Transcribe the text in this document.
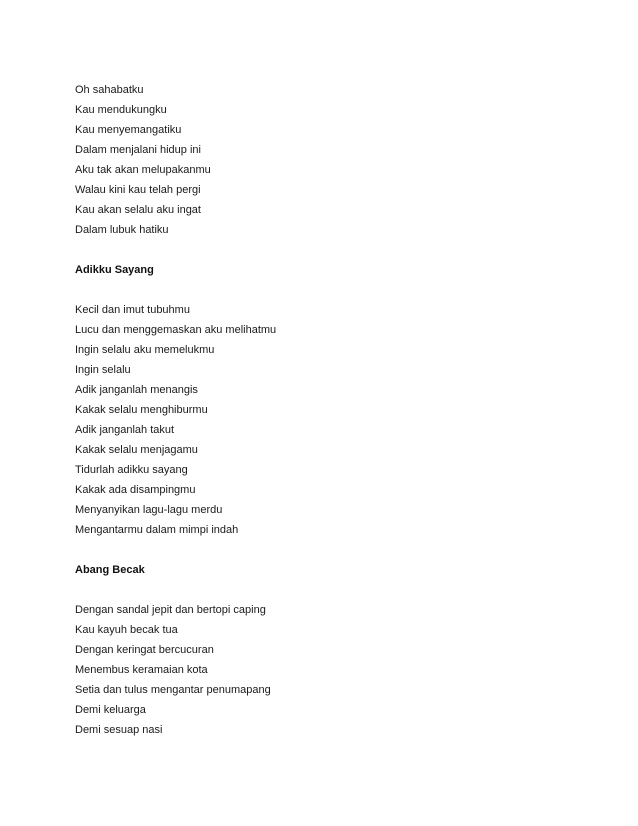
Oh sahabatku
Kau mendukungku
Kau menyemangatiku
Dalam menjalani hidup ini
Aku tak akan melupakanmu
Walau kini kau telah pergi
Kau akan selalu aku ingat
Dalam lubuk hatiku
Adikku Sayang
Kecil dan imut tubuhmu
Lucu dan menggemaskan aku melihatmu
Ingin selalu aku memelukmu
Ingin selalu
Adik janganlah menangis
Kakak selalu menghiburmu
Adik janganlah takut
Kakak selalu menjagamu
Tidurlah adikku sayang
Kakak ada disampingmu
Menyanyikan lagu-lagu merdu
Mengantarmu dalam mimpi indah
Abang Becak
Dengan sandal jepit dan bertopi caping
Kau kayuh becak tua
Dengan keringat bercucuran
Menembus keramaian kota
Setia dan tulus mengantar penumapang
Demi keluarga
Demi sesuap nasi
